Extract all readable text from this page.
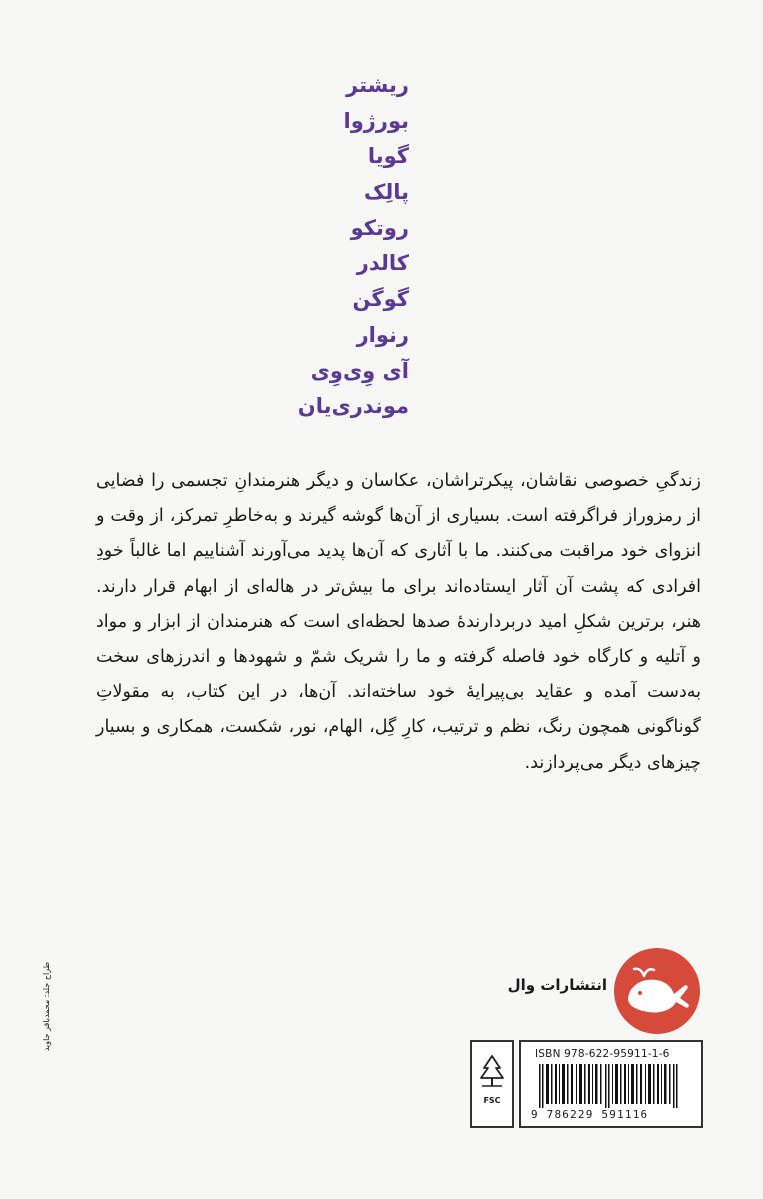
ریشتر
بورژوا
گویا
پالِک
روتکو
کالدر
گوگن
رنوار
آی وِی‌وِی
موندری‌یان

زندگیِ خصوصی نقاشان، پیکرتراشان، عکاسان و دیگر هنرمندانِ تجسمی را فضایی از رمزوراز فراگرفته است. بسیاری از آن‌ها گوشه گیرند و به‌خاطرِ تمرکز، از وقت و انزوای خود مراقبت می‌کنند. ما با آثاری که آن‌ها پدید می‌آورند آشناییم اما غالباً خودِ افرادی که پشت آن آثار ایستاده‌اند برای ما بیش‌تر در هاله‌ای از ابهام قرار دارند. هنر، برترین شکلِ امید دربردارندهٔ صدها لحظه‌ای است که هنرمندان از ابزار و مواد و آتلیه و کارگاه خود فاصله گرفته و ما را شریک شمّ و شهودها و اندرزهای سخت به‌دست آمده و عقاید بی‌پیرایهٔ خود ساخته‌اند. آن‌ها، در این کتاب، به مقولاتِ گوناگونی همچون رنگ، نظم و ترتیب، کارِ گِل، الهام، نور، شکست، همکاری و بسیار چیزهای دیگر می‌پردازند.

انتشارات وال
FSC
ISBN 978-622-95911-1-6
9 786229 591116
طراح جلد: محمدباقر جاوید
